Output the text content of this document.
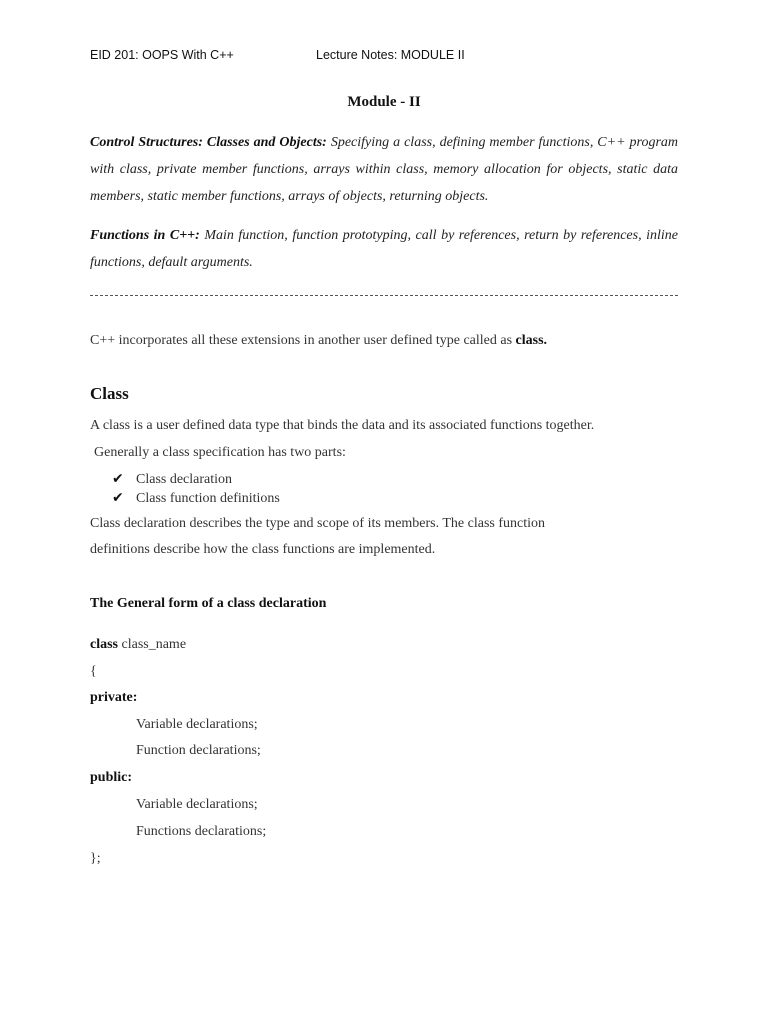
EID 201: OOPS With C++	Lecture Notes: MODULE II
Module - II
Control Structures: Classes and Objects: Specifying a class, defining member functions, C++ program with class, private member functions, arrays within class, memory allocation for objects, static data members, static member functions, arrays of objects, returning objects.
Functions in C++: Main function, function prototyping, call by references, return by references, inline functions, default arguments.
C++ incorporates all these extensions in another user defined type called as class.
Class
A class is a user defined data type that binds the data and its associated functions together.
Generally a class specification has two parts:
✔ Class declaration
✔ Class function definitions
Class declaration describes the type and scope of its members. The class function
definitions describe how the class functions are implemented.
The General form of a class declaration
class class_name
{
private:
Variable declarations;
Function declarations;
public:
Variable declarations;
Functions declarations;
};
